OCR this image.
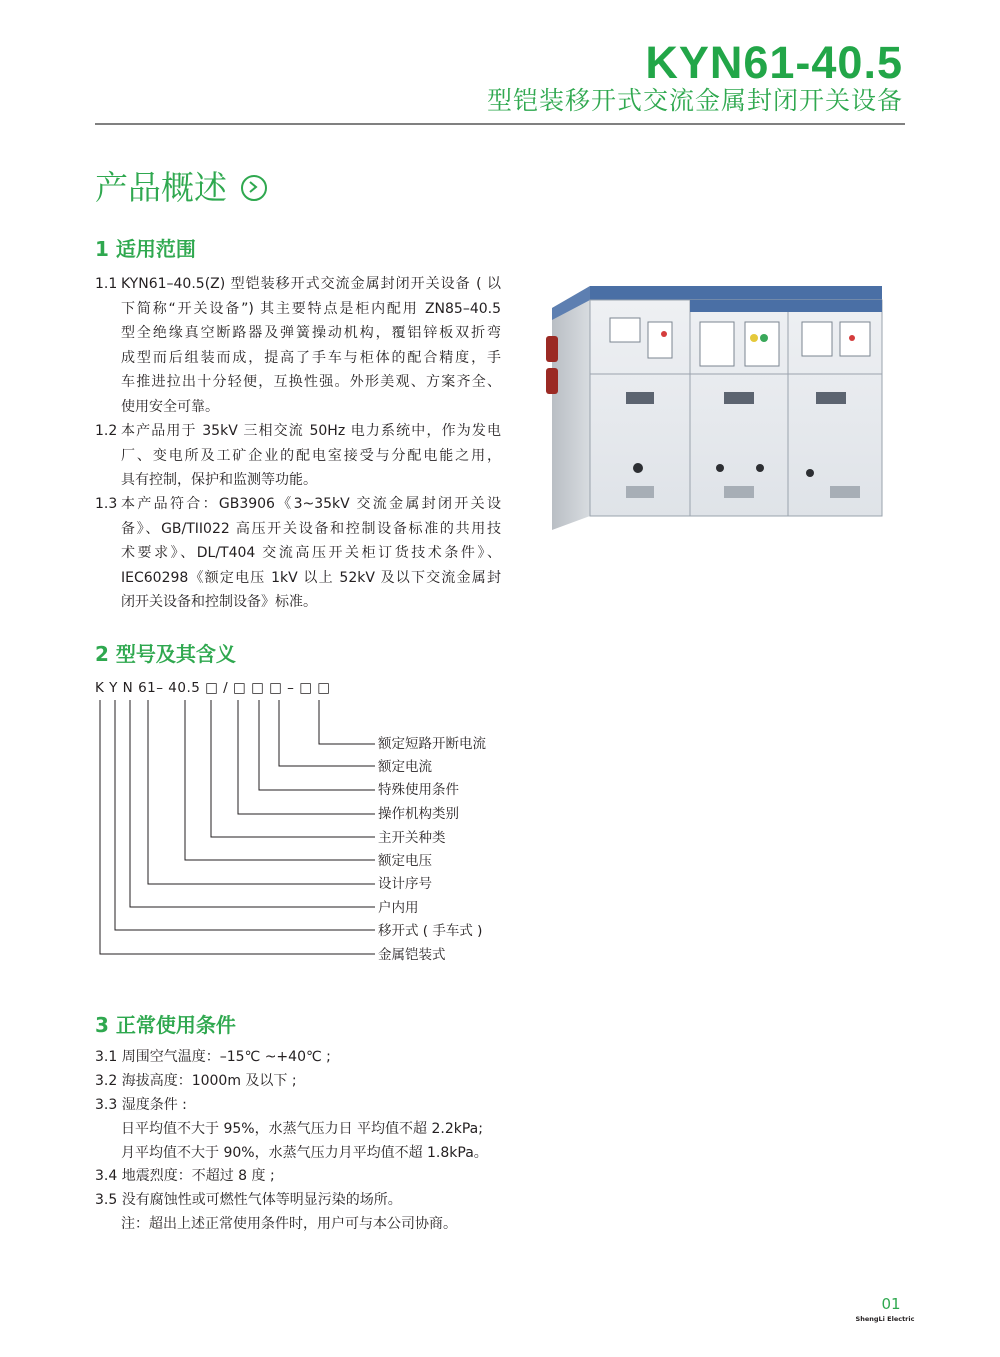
KYN61-40.5
型铠装移开式交流金属封闭开关设备
产品概述
1 适用范围
1.1 KYN61–40.5(Z) 型铠装移开式交流金属封闭开关设备 ( 以
下简称“开关设备”) 其主要特点是柜内配用 ZN85–40.5
型全绝缘真空断路器及弹簧操动机构，覆铝锌板双折弯
成型而后组装而成，提高了手车与柜体的配合精度，手
车推进拉出十分轻便，互换性强。外形美观、方案齐全、
使用安全可靠。
1.2 本产品用于 35kV 三相交流 50Hz 电力系统中，作为发电
厂、变电所及工矿企业的配电室接受与分配电能之用，
具有控制，保护和监测等功能。
1.3 本产品符合：GB3906《3~35kV 交流金属封闭开关设
备》、GB/TII022 高压开关设备和控制设备标准的共用技
术要求》、DL/T404 交流高压开关柜订货技术条件》、
IEC60298《额定电压 1kV 以上 52kV 及以下交流金属封
闭开关设备和控制设备》标准。
2 型号及其含义
K Y N 61– 40.5 □ / □ □ □ – □ □
额定短路开断电流
额定电流
特殊使用条件
操作机构类别
主开关种类
额定电压
设计序号
户内用
移开式 ( 手车式 )
金属铠装式
3 正常使用条件
3.1 周围空气温度：–15℃ ~+40℃ ;
3.2 海拔高度：1000m 及以下 ;
3.3 湿度条件 :
日平均值不大于 95%，水蒸气压力日 平均值不超 2.2kPa;
月平均值不大于 90%，水蒸气压力月平均值不超 1.8kPa。
3.4 地震烈度：不超过 8 度 ;
3.5 没有腐蚀性或可燃性气体等明显污染的场所。
注：超出上述正常使用条件时，用户可与本公司协商。
01
ShengLi Electric
